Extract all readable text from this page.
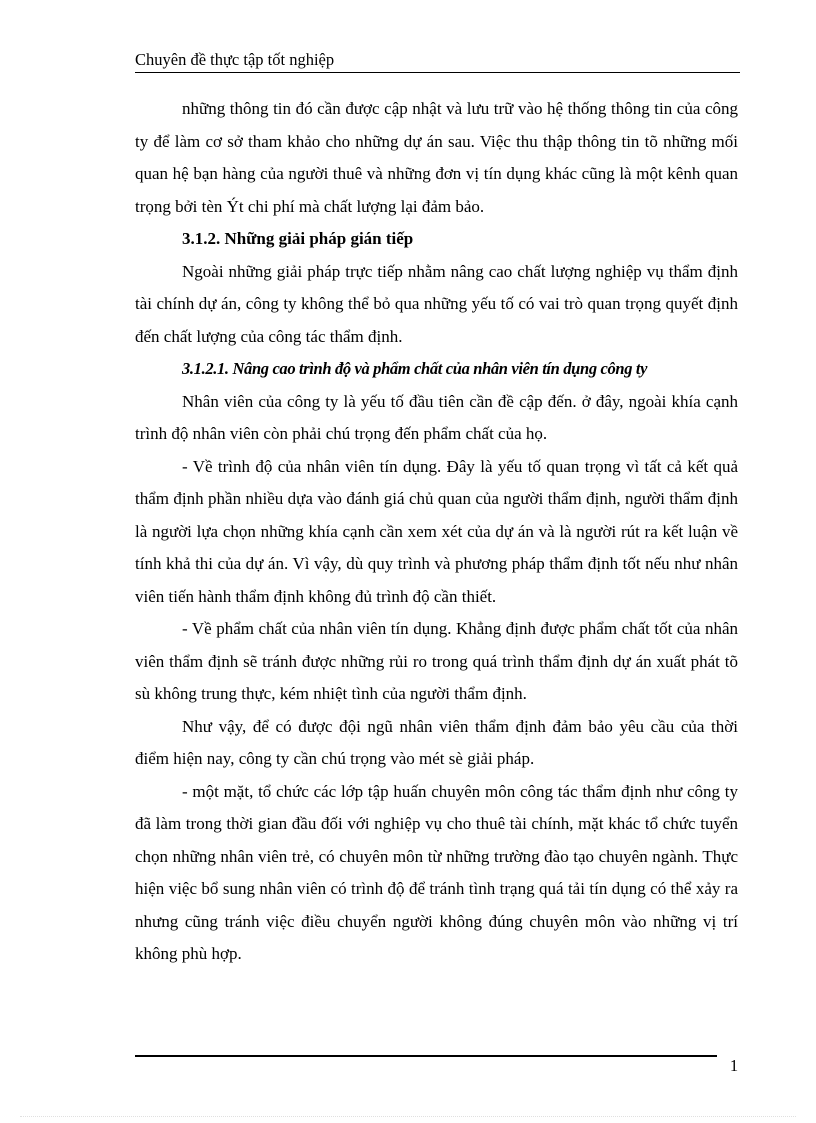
Chuyên đề thực tập tốt nghiệp

những thông tin đó cần được cập nhật và lưu trữ vào hệ thống thông tin của công ty để làm cơ sở tham khảo cho những dự án sau. Việc thu thập thông tin tõ những mối quan hệ bạn hàng của người thuê và những đơn vị tín dụng khác cũng là một kênh quan trọng bởi tèn Ýt chi phí mà chất lượng lại đảm bảo.

3.1.2. Những giải pháp gián tiếp

Ngoài những giải pháp trực tiếp nhằm nâng cao chất lượng nghiệp vụ thẩm định tài chính dự án, công ty không thể bỏ qua những yếu tố có vai trò quan trọng quyết định đến chất lượng của công tác thẩm định.

3.1.2.1. Nâng cao trình độ và phẩm chất của nhân viên tín dụng công ty

Nhân viên của công ty là yếu tố đầu tiên cần đề cập đến. ở đây, ngoài khía cạnh trình độ nhân viên còn phải chú trọng đến phẩm chất của họ.

- Về trình độ của nhân viên tín dụng. Đây là yếu tố quan trọng vì tất cả kết quả thẩm định phần nhiều dựa vào đánh giá chủ quan của người thẩm định, người thẩm định là người lựa chọn những khía cạnh cần xem xét của dự án và là người rút ra kết luận về tính khả thi của dự án. Vì vậy, dù quy trình và phương pháp thẩm định tốt nếu như nhân viên tiến hành thẩm định không đủ trình độ cần thiết.

- Về phẩm chất của nhân viên tín dụng. Khẳng định được phẩm chất tốt của nhân viên thẩm định sẽ tránh được những rủi ro trong quá trình thẩm định dự án xuất phát tõ sù không trung thực, kém nhiệt tình của người thẩm định.

Như vậy, để có được đội ngũ nhân viên thẩm định đảm bảo yêu cầu của thời điểm hiện nay, công ty cần chú trọng vào mét sè giải pháp.

- một mặt, tổ chức các lớp tập huấn chuyên môn công tác thẩm định như công ty đã làm trong thời gian đầu đối với nghiệp vụ cho thuê tài chính, mặt khác tổ chức tuyển chọn những nhân viên trẻ, có chuyên môn từ những trường đào tạo chuyên ngành. Thực hiện việc bổ sung nhân viên có trình độ để tránh tình trạng quá tải tín dụng có thể xảy ra nhưng cũng tránh việc điều chuyển người không đúng chuyên môn vào những vị trí không phù hợp.

1
